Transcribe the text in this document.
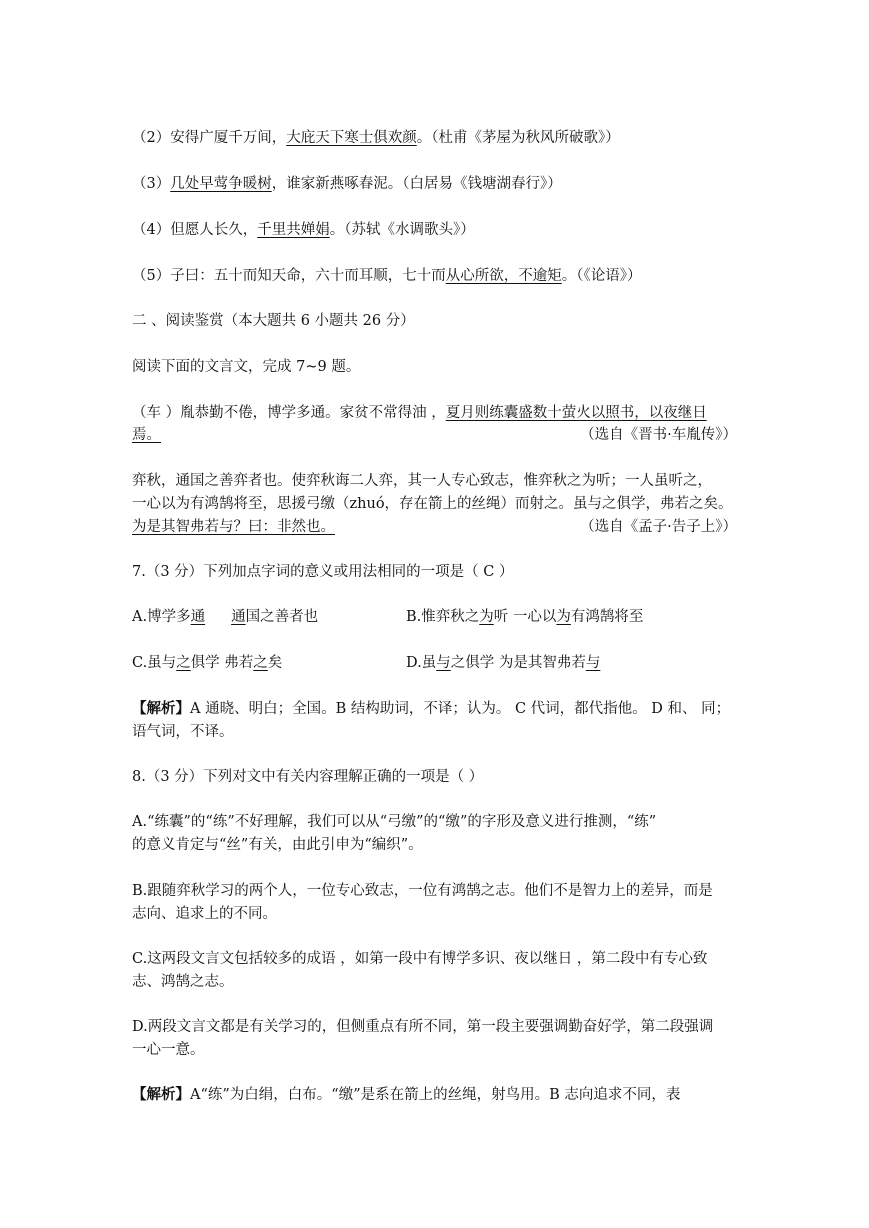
（2）安得广厦千万间，大庇天下寒士俱欢颜。（杜甫《茅屋为秋风所破歌》）
（3）几处早莺争暖树，谁家新燕啄春泥。（白居易《钱塘湖春行》）
（4）但愿人长久，千里共婵娟。（苏轼《水调歌头》）
（5）子曰：五十而知天命，六十而耳顺，七十而从心所欲，不逾矩。（《论语》）
二 、阅读鉴赏（本大题共 6 小题共 26 分）
阅读下面的文言文，完成 7~9 题。
（车 ）胤恭勤不倦，博学多通。家贫不常得油 ，夏月则练囊盛数十萤火以照书，以夜继日
焉。	（选自《晋书·车胤传》）
弈秋，通国之善弈者也。使弈秋诲二人弈，其一人专心致志，惟弈秋之为听；一人虽听之，
一心以为有鸿鹄将至，思援弓缴（zhuó，存在箭上的丝绳）而射之。虽与之俱学，弗若之矣。
为是其智弗若与？曰：非然也。	（选自《孟子·告子上》）
7.（3 分）下列加点字词的意义或用法相同的一项是（ C ）
A.博学多通 通国之善者也	B.惟弈秋之为听 一心以为有鸿鹄将至
C.虽与之俱学 弗若之矣	D.虽与之俱学 为是其智弗若与
【解析】A 通晓、明白；全国。B 结构助词，不译；认为。 C 代词，都代指他。 D 和、 同；
语气词，不译。
8.（3 分）下列对文中有关内容理解正确的一项是（ ）
A.“练囊”的“练”不好理解，我们可以从“弓缴”的“缴”的字形及意义进行推测，“练”
的意义肯定与“丝”有关，由此引申为“编织”。
B.跟随弈秋学习的两个人，一位专心致志，一位有鸿鹄之志。他们不是智力上的差异，而是
志向、追求上的不同。
C.这两段文言文包括较多的成语 ，如第一段中有博学多识、夜以继日 ，第二段中有专心致
志、鸿鹄之志。
D.两段文言文都是有关学习的，但侧重点有所不同，第一段主要强调勤奋好学，第二段强调
一心一意。
【解析】A“练”为白绢，白布。“缴”是系在箭上的丝绳，射鸟用。B 志向追求不同，表
